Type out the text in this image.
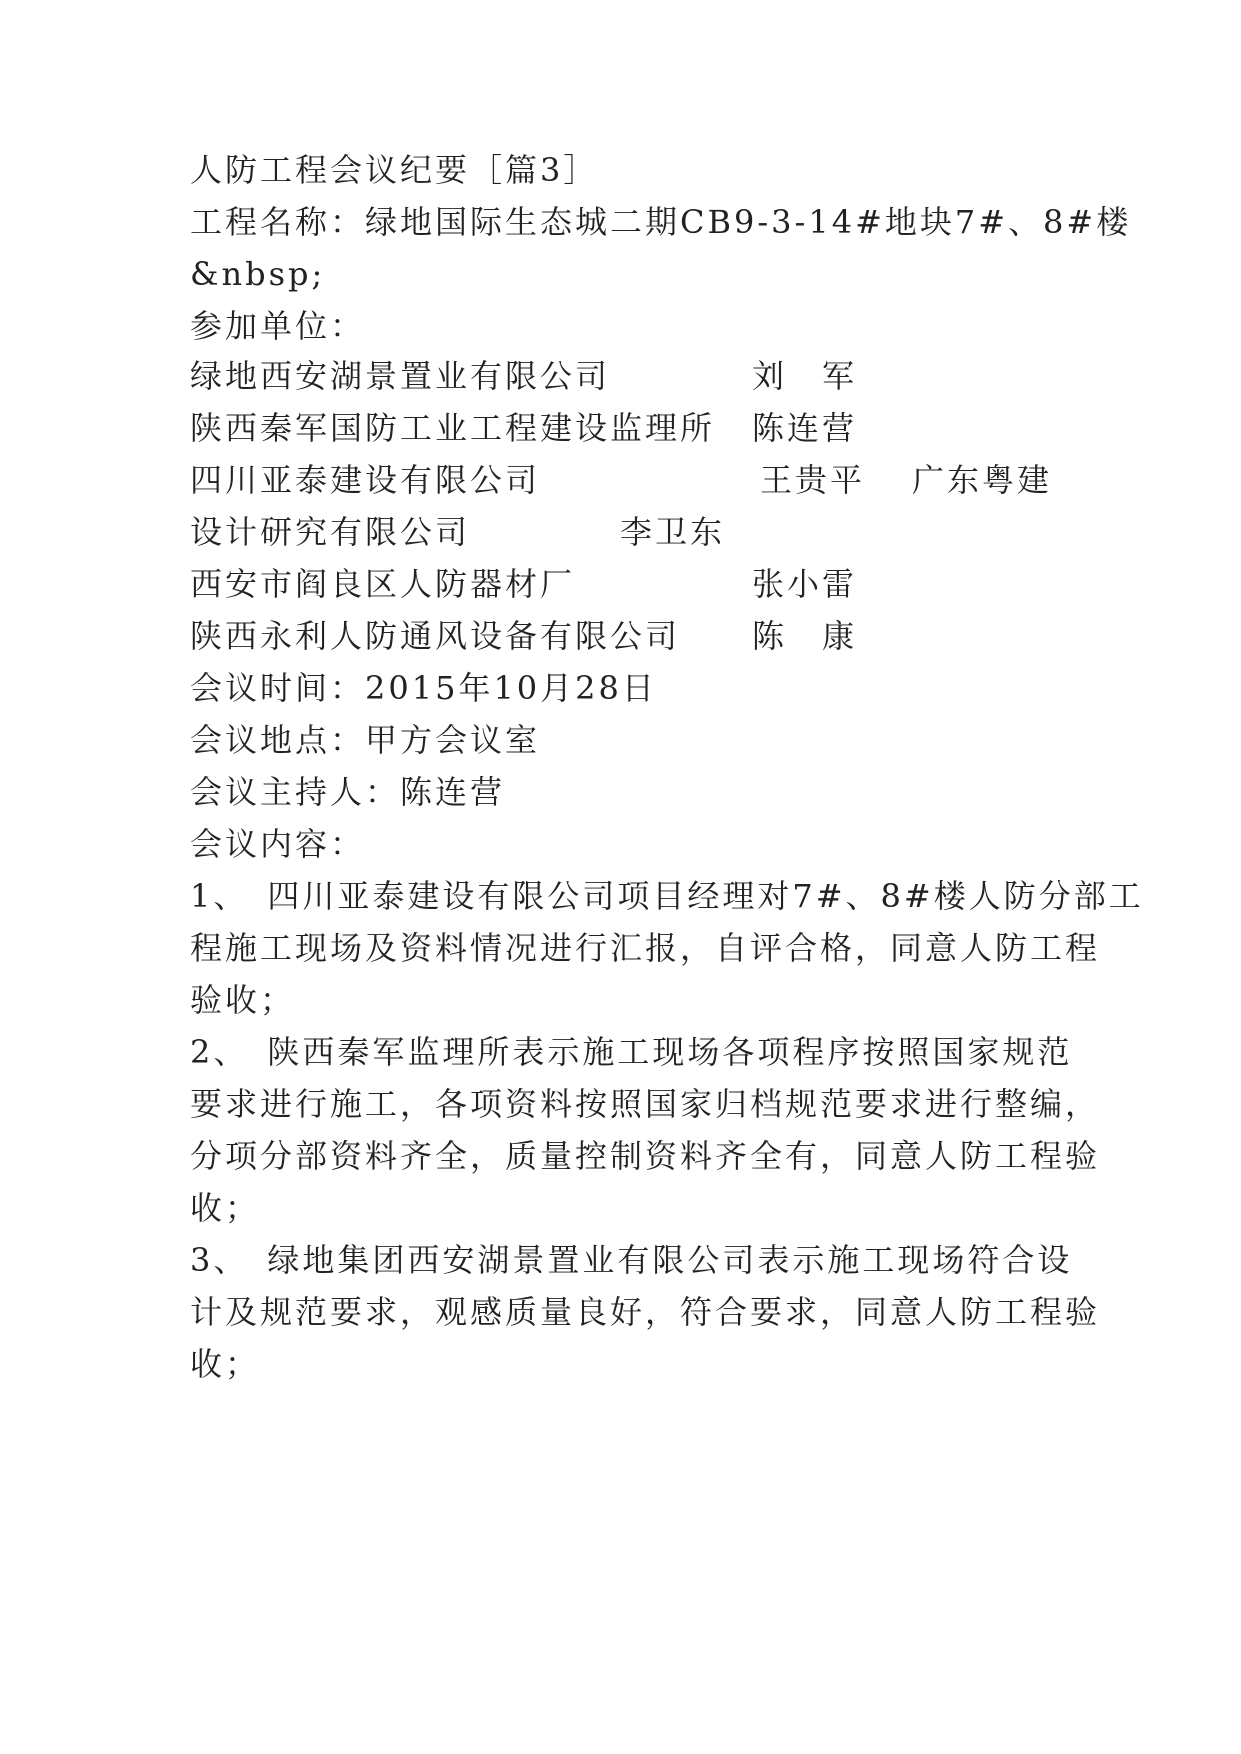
人防工程会议纪要［篇3］
工程名称：绿地国际生态城二期CB9-3-14#地块7#、8#楼
&nbsp;
参加单位：
绿地西安湖景置业有限公司	刘　军
陕西秦军国防工业工程建设监理所 陈连营
四川亚泰建设有限公司	王贵平 广东粤建
设计研究有限公司	李卫东
西安市阎良区人防器材厂	张小雷
陕西永利人防通风设备有限公司 陈　康
会议时间：2015年10月28日
会议地点：甲方会议室
会议主持人：陈连营
会议内容：
1、　四川亚泰建设有限公司项目经理对7#、8#楼人防分部工
程施工现场及资料情况进行汇报，自评合格，同意人防工程
验收；
2、　陕西秦军监理所表示施工现场各项程序按照国家规范
要求进行施工，各项资料按照国家归档规范要求进行整编，
分项分部资料齐全，质量控制资料齐全有，同意人防工程验
收；
3、　绿地集团西安湖景置业有限公司表示施工现场符合设
计及规范要求，观感质量良好，符合要求，同意人防工程验
收；
